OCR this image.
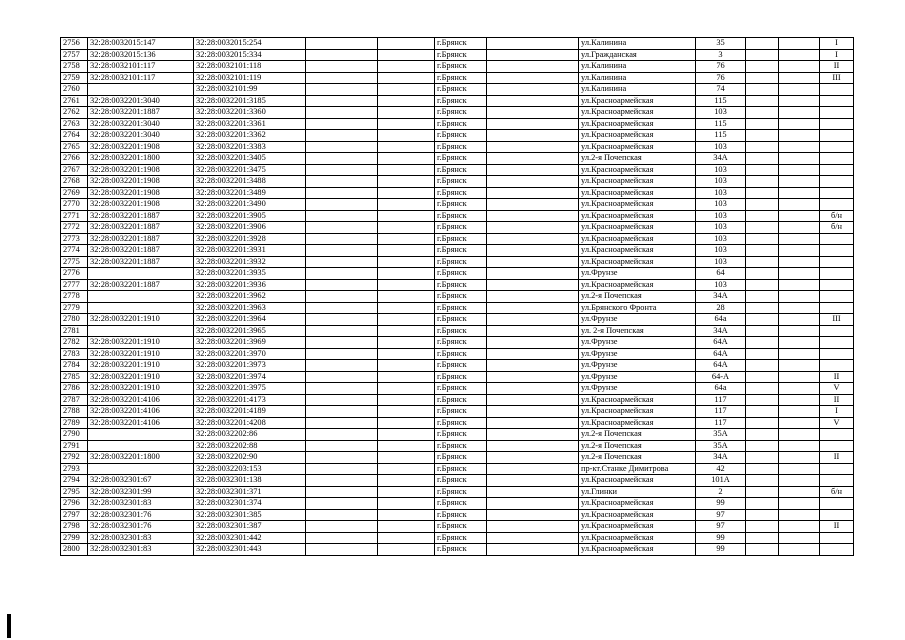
2756	32:28:0032015:147	32:28:0032015:254			г.Брянск		ул.Калинина	35			I
2757	32:28:0032015:136	32:28:0032015:334			г.Брянск		ул.Гражданская	3			I
2758	32:28:0032101:117	32:28:0032101:118			г.Брянск		ул.Калинина	76			II
2759	32:28:0032101:117	32:28:0032101:119			г.Брянск		ул.Калинина	76			III
2760		32:28:0032101:99			г.Брянск		ул.Калинина	74			
2761	32:28:0032201:3040	32:28:0032201:3185			г.Брянск		ул.Красноармейская	115			
2762	32:28:0032201:1887	32:28:0032201:3360			г.Брянск		ул.Красноармейская	103			
2763	32:28:0032201:3040	32:28:0032201:3361			г.Брянск		ул.Красноармейская	115			
2764	32:28:0032201:3040	32:28:0032201:3362			г.Брянск		ул.Красноармейская	115			
2765	32:28:0032201:1908	32:28:0032201:3383			г.Брянск		ул.Красноармейская	103			
2766	32:28:0032201:1800	32:28:0032201:3405			г.Брянск		ул.2-я Почепская	34А			
2767	32:28:0032201:1908	32:28:0032201:3475			г.Брянск		ул.Красноармейская	103			
2768	32:28:0032201:1908	32:28:0032201:3488			г.Брянск		ул.Красноармейская	103			
2769	32:28:0032201:1908	32:28:0032201:3489			г.Брянск		ул.Красноармейская	103			
2770	32:28:0032201:1908	32:28:0032201:3490			г.Брянск		ул.Красноармейская	103			
2771	32:28:0032201:1887	32:28:0032201:3905			г.Брянск		ул.Красноармейская	103			б/н
2772	32:28:0032201:1887	32:28:0032201:3906			г.Брянск		ул.Красноармейская	103			б/н
2773	32:28:0032201:1887	32:28:0032201:3928			г.Брянск		ул.Красноармейская	103			
2774	32:28:0032201:1887	32:28:0032201:3931			г.Брянск		ул.Красноармейская	103			
2775	32:28:0032201:1887	32:28:0032201:3932			г.Брянск		ул.Красноармейская	103			
2776		32:28:0032201:3935			г.Брянск		ул.Фрунзе	64			
2777	32:28:0032201:1887	32:28:0032201:3936			г.Брянск		ул.Красноармейская	103			
2778		32:28:0032201:3962			г.Брянск		ул.2-я Почепская	34А			
2779		32:28:0032201:3963			г.Брянск		ул.Брянского Фронта	28			
2780	32:28:0032201:1910	32:28:0032201:3964			г.Брянск		ул.Фрунзе	64а			III
2781		32:28:0032201:3965			г.Брянск		ул. 2-я Почепская	34А			
2782	32:28:0032201:1910	32:28:0032201:3969			г.Брянск		ул.Фрунзе	64А			
2783	32:28:0032201:1910	32:28:0032201:3970			г.Брянск		ул.Фрунзе	64А			
2784	32:28:0032201:1910	32:28:0032201:3973			г.Брянск		ул.Фрунзе	64А			
2785	32:28:0032201:1910	32:28:0032201:3974			г.Брянск		ул.Фрунзе	64-А			II
2786	32:28:0032201:1910	32:28:0032201:3975			г.Брянск		ул.Фрунзе	64а			V
2787	32:28:0032201:4106	32:28:0032201:4173			г.Брянск		ул.Красноармейская	117			II
2788	32:28:0032201:4106	32:28:0032201:4189			г.Брянск		ул.Красноармейская	117			I
2789	32:28:0032201:4106	32:28:0032201:4208			г.Брянск		ул.Красноармейская	117			V
2790		32:28:0032202:86			г.Брянск		ул.2-я Почепская	35А			
2791		32:28:0032202:88			г.Брянск		ул.2-я Почепская	35А			
2792	32:28:0032201:1800	32:28:0032202:90			г.Брянск		ул.2-я Почепская	34А			II
2793		32:28:0032203:153			г.Брянск		пр-кт.Станке Димитрова	42			
2794	32:28:0032301:67	32:28:0032301:138			г.Брянск		ул.Красноармейская	101А			
2795	32:28:0032301:99	32:28:0032301:371			г.Брянск		ул.Глинки	2			б/н
2796	32:28:0032301:83	32:28:0032301:374			г.Брянск		ул.Красноармейская	99			
2797	32:28:0032301:76	32:28:0032301:385			г.Брянск		ул.Красноармейская	97			
2798	32:28:0032301:76	32:28:0032301:387			г.Брянск		ул.Красноармейская	97			II
2799	32:28:0032301:83	32:28:0032301:442			г.Брянск		ул.Красноармейская	99			
2800	32:28:0032301:83	32:28:0032301:443			г.Брянск		ул.Красноармейская	99			
